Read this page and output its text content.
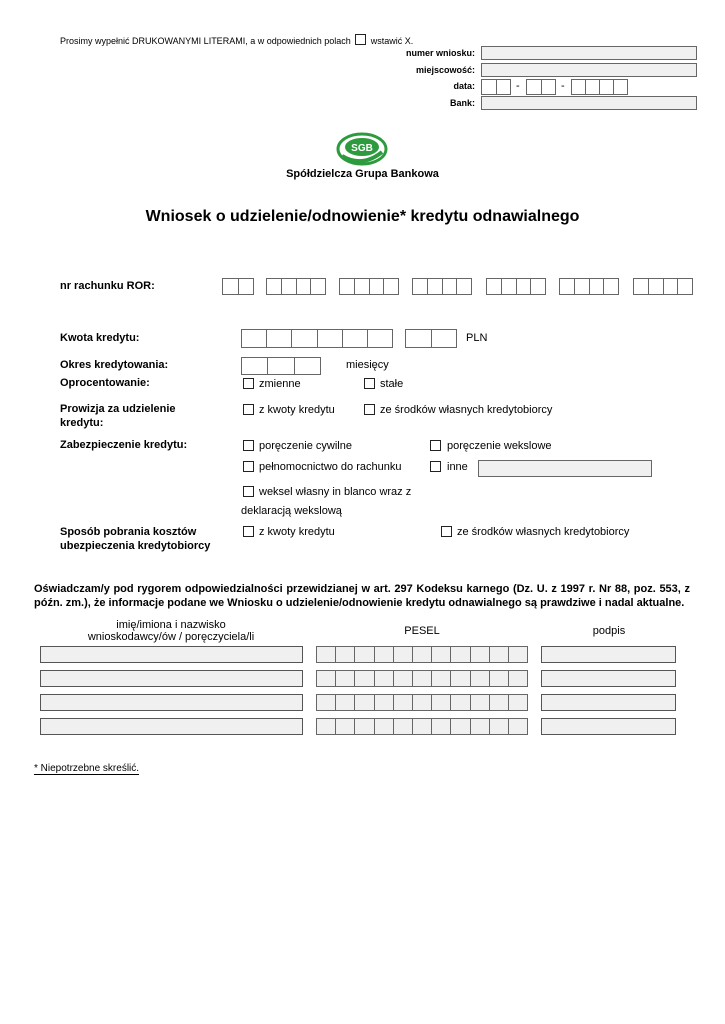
Prosimy wypełnić DRUKOWANYMI LITERAMI, a w odpowiednich polach wstawić X.
numer wniosku:
miejscowość:
data:	-	-
Bank:
SGB
Spółdzielcza Grupa Bankowa
Wniosek o udzielenie/odnowienie* kredytu odnawialnego
nr rachunku ROR:
Kwota kredytu:	PLN
Okres kredytowania:	miesięcy
Oprocentowanie:	zmienne	stałe
Prowizja za udzielenie kredytu:
z kwoty kredytu	ze środków własnych kredytobiorcy
Zabezpieczenie kredytu:	poręczenie cywilne	poręczenie wekslowe
pełnomocnictwo do rachunku	inne
weksel własny in blanco wraz z
deklaracją wekslową
Sposób pobrania kosztów ubezpieczenia kredytobiorcy
z kwoty kredytu	ze środków własnych kredytobiorcy
Oświadczam/y pod rygorem odpowiedzialności przewidzianej w art. 297 Kodeksu karnego (Dz. U. z 1997 r. Nr 88, poz. 553, z późn. zm.), że informacje podane we Wniosku o udzielenie/odnowienie kredytu odnawialnego są prawdziwe i nadal aktualne.
imię/imiona i nazwisko
wnioskodawcy/ów / poręczyciela/li	PESEL	podpis
* Niepotrzebne skreślić.
